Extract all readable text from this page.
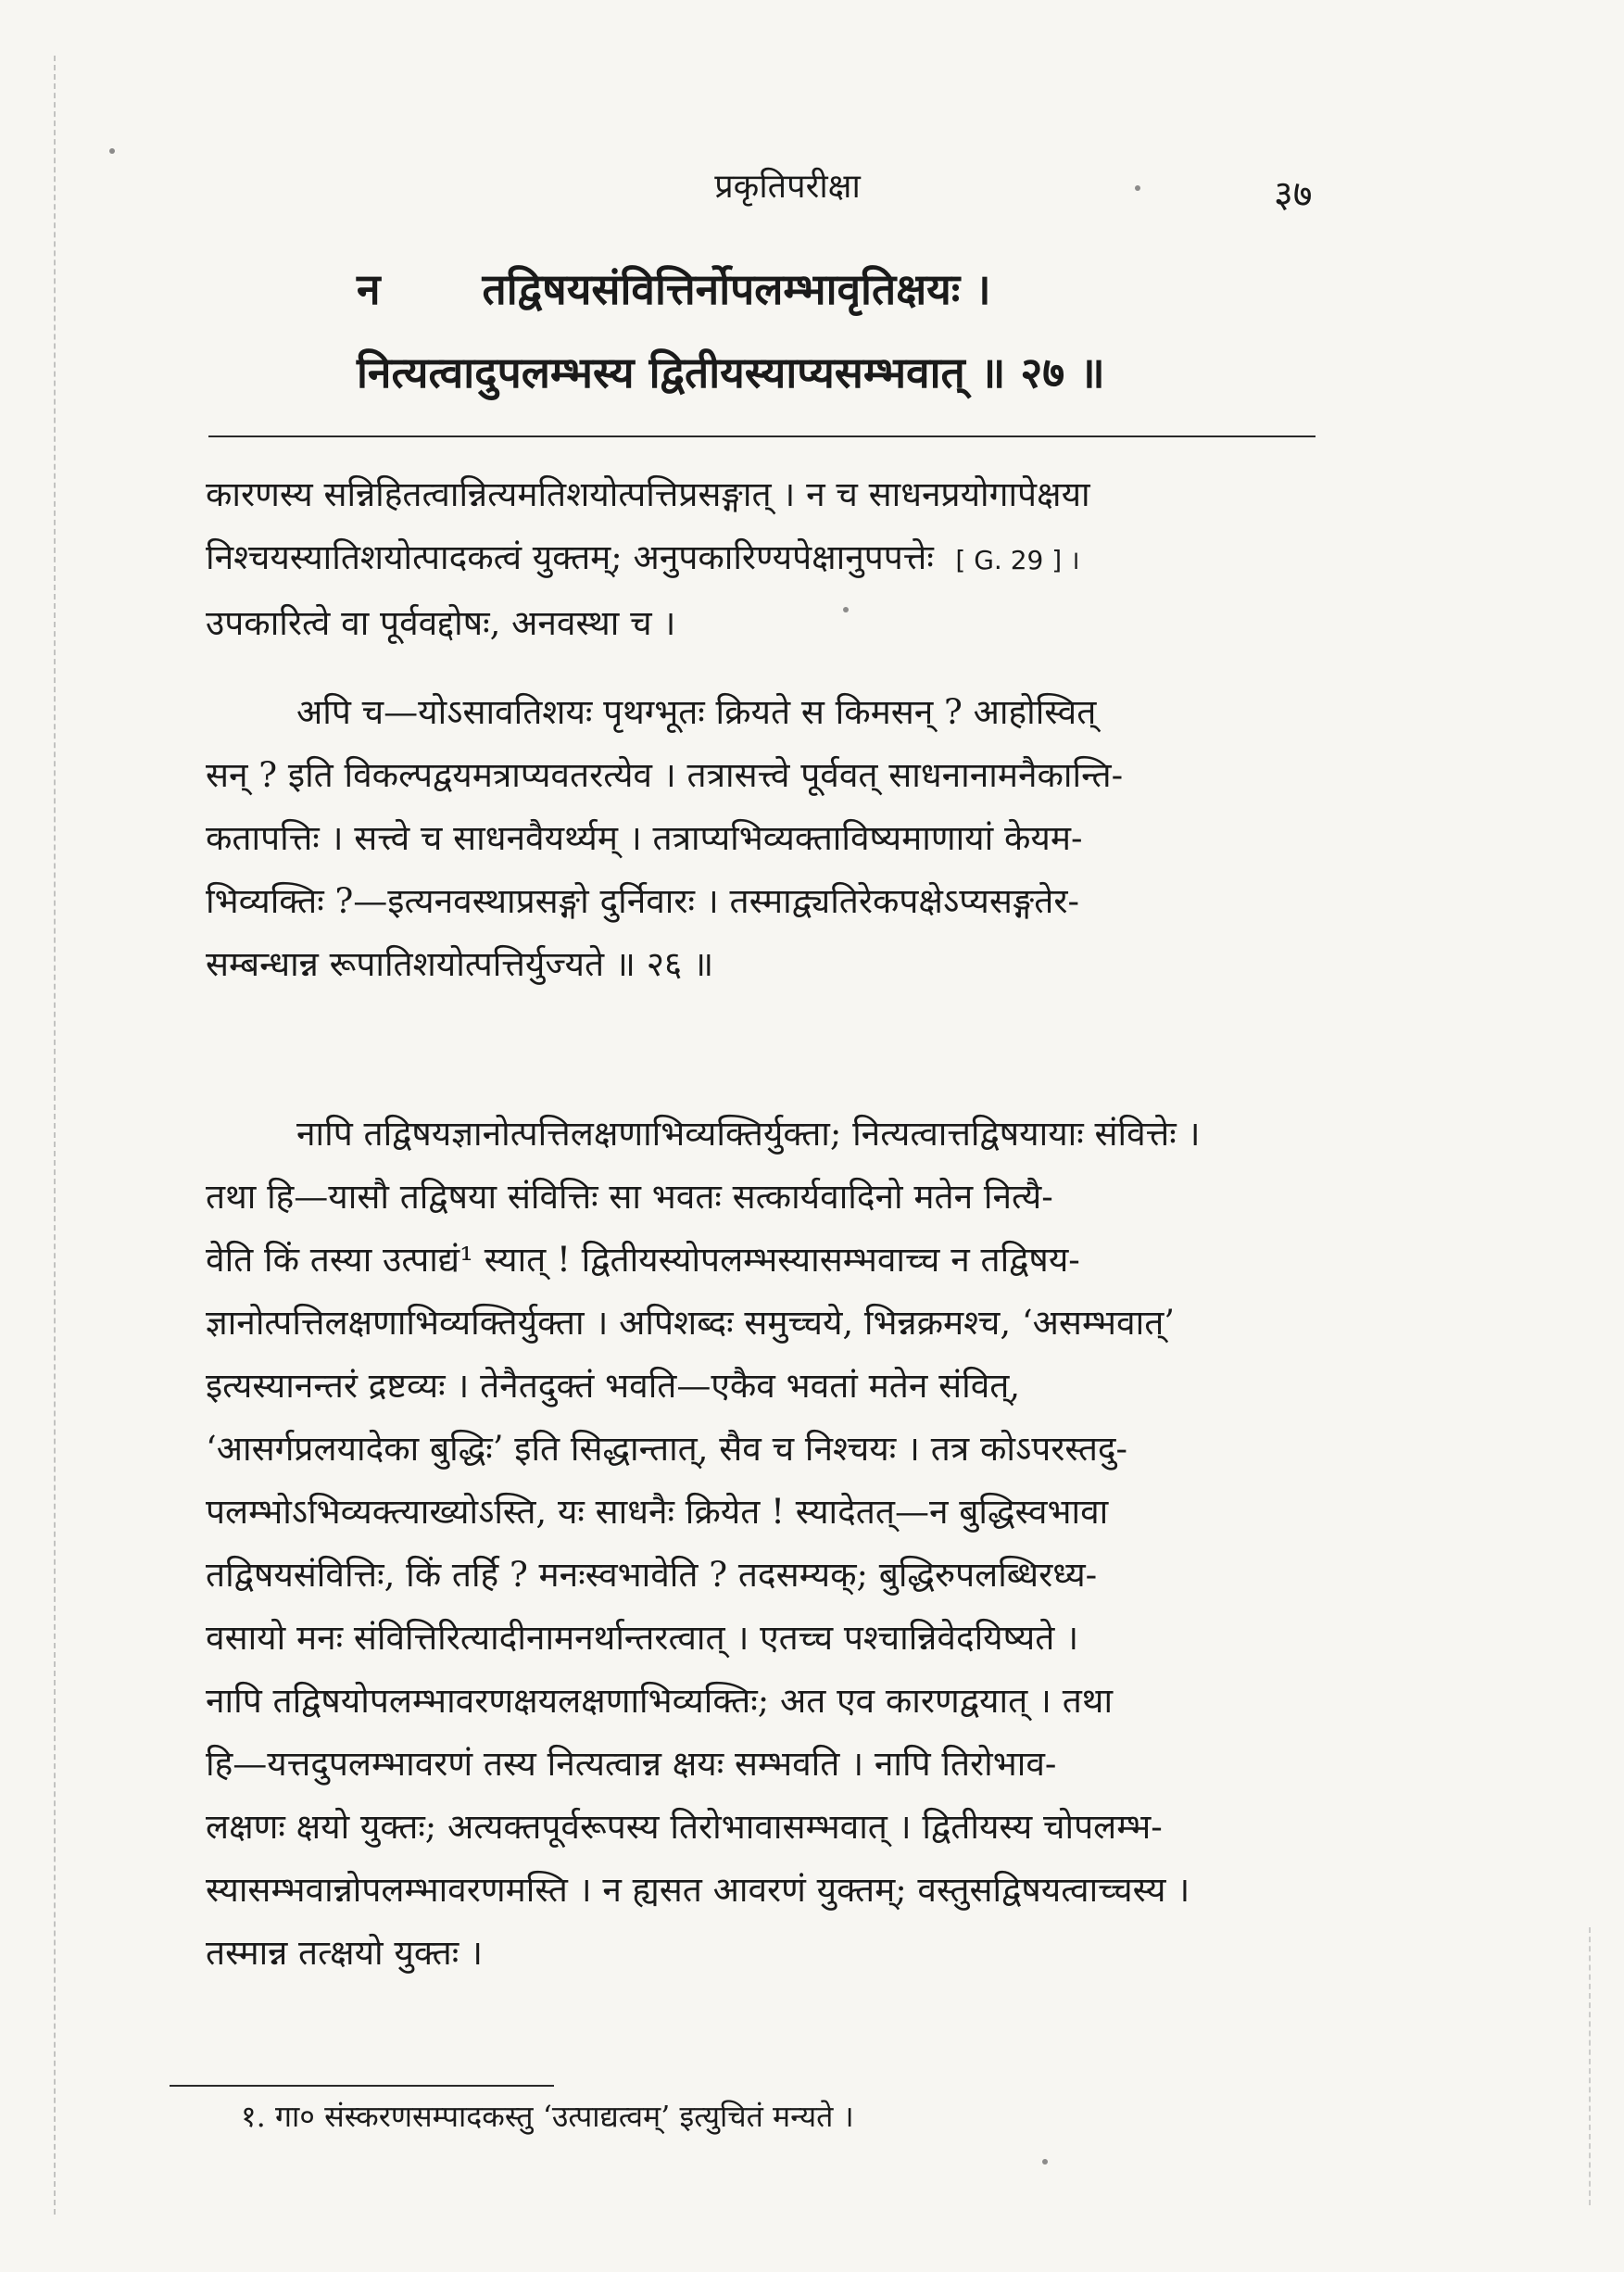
प्रकृतिपरीक्षा	३७
न तद्विषयसंवित्तिर्नोपलम्भावृतिक्षयः ।
नित्यत्वादुपलम्भस्य द्वितीयस्याप्यसम्भवात् ॥ २७ ॥
कारणस्य सन्निहितत्वान्नित्यमतिशयोत्पत्तिप्रसङ्गात् । न च साधनप्रयोगापेक्षया
निश्चयस्यातिशयोत्पादकत्वं युक्तम्; अनुपकारिण्यपेक्षानुपपत्तेः [ G. 29 ] ।
उपकारित्वे वा पूर्ववद्दोषः, अनवस्था च ।
अपि च—योऽसावतिशयः पृथग्भूतः क्रियते स किमसन् ? आहोस्वित्
सन् ? इति विकल्पद्वयमत्राप्यवतरत्येव । तत्रासत्त्वे पूर्ववत् साधनानामनैकान्ति-
कतापत्तिः । सत्त्वे च साधनवैयर्थ्यम् । तत्राप्यभिव्यक्ताविष्यमाणायां केयम-
भिव्यक्तिः ?—इत्यनवस्थाप्रसङ्गो दुर्निवारः । तस्माद्व्यतिरेकपक्षेऽप्यसङ्गतेर-
सम्बन्धान्न रूपातिशयोत्पत्तिर्युज्यते ॥ २६ ॥
नापि तद्विषयज्ञानोत्पत्तिलक्षणाभिव्यक्तिर्युक्ता; नित्यत्वात्तद्विषयायाः संवित्तेः ।
तथा हि—यासौ तद्विषया संवित्तिः सा भवतः सत्कार्यवादिनो मतेन नित्यै-
वेति किं तस्या उत्पाद्यं¹ स्यात् ! द्वितीयस्योपलम्भस्यासम्भवाच्च न तद्विषय-
ज्ञानोत्पत्तिलक्षणाभिव्यक्तिर्युक्ता । अपिशब्दः समुच्चये, भिन्नक्रमश्च, ‘असम्भवात्’
इत्यस्यानन्तरं द्रष्टव्यः । तेनैतदुक्तं भवति—एकैव भवतां मतेन संवित्,
‘आसर्गप्रलयादेका बुद्धिः’ इति सिद्धान्तात्, सैव च निश्चयः । तत्र कोऽपरस्तदु-
पलम्भोऽभिव्यक्त्याख्योऽस्ति, यः साधनैः क्रियेत ! स्यादेतत्—न बुद्धिस्वभावा
तद्विषयसंवित्तिः, किं तर्हि ? मनःस्वभावेति ? तदसम्यक्; बुद्धिरुपलब्धिरध्य-
वसायो मनः संवित्तिरित्यादीनामनर्थान्तरत्वात् । एतच्च पश्चान्निवेदयिष्यते ।
नापि तद्विषयोपलम्भावरणक्षयलक्षणाभिव्यक्तिः; अत एव कारणद्वयात् । तथा
हि—यत्तदुपलम्भावरणं तस्य नित्यत्वान्न क्षयः सम्भवति । नापि तिरोभाव-
लक्षणः क्षयो युक्तः; अत्यक्तपूर्वरूपस्य तिरोभावासम्भवात् । द्वितीयस्य चोपलम्भ-
स्यासम्भवान्नोपलम्भावरणमस्ति । न ह्यसत आवरणं युक्तम्; वस्तुसद्विषयत्वाच्चस्य ।
तस्मान्न तत्क्षयो युक्तः ।
१. गा० संस्करणसम्पादकस्तु ‘उत्पाद्यत्वम्’ इत्युचितं मन्यते ।
